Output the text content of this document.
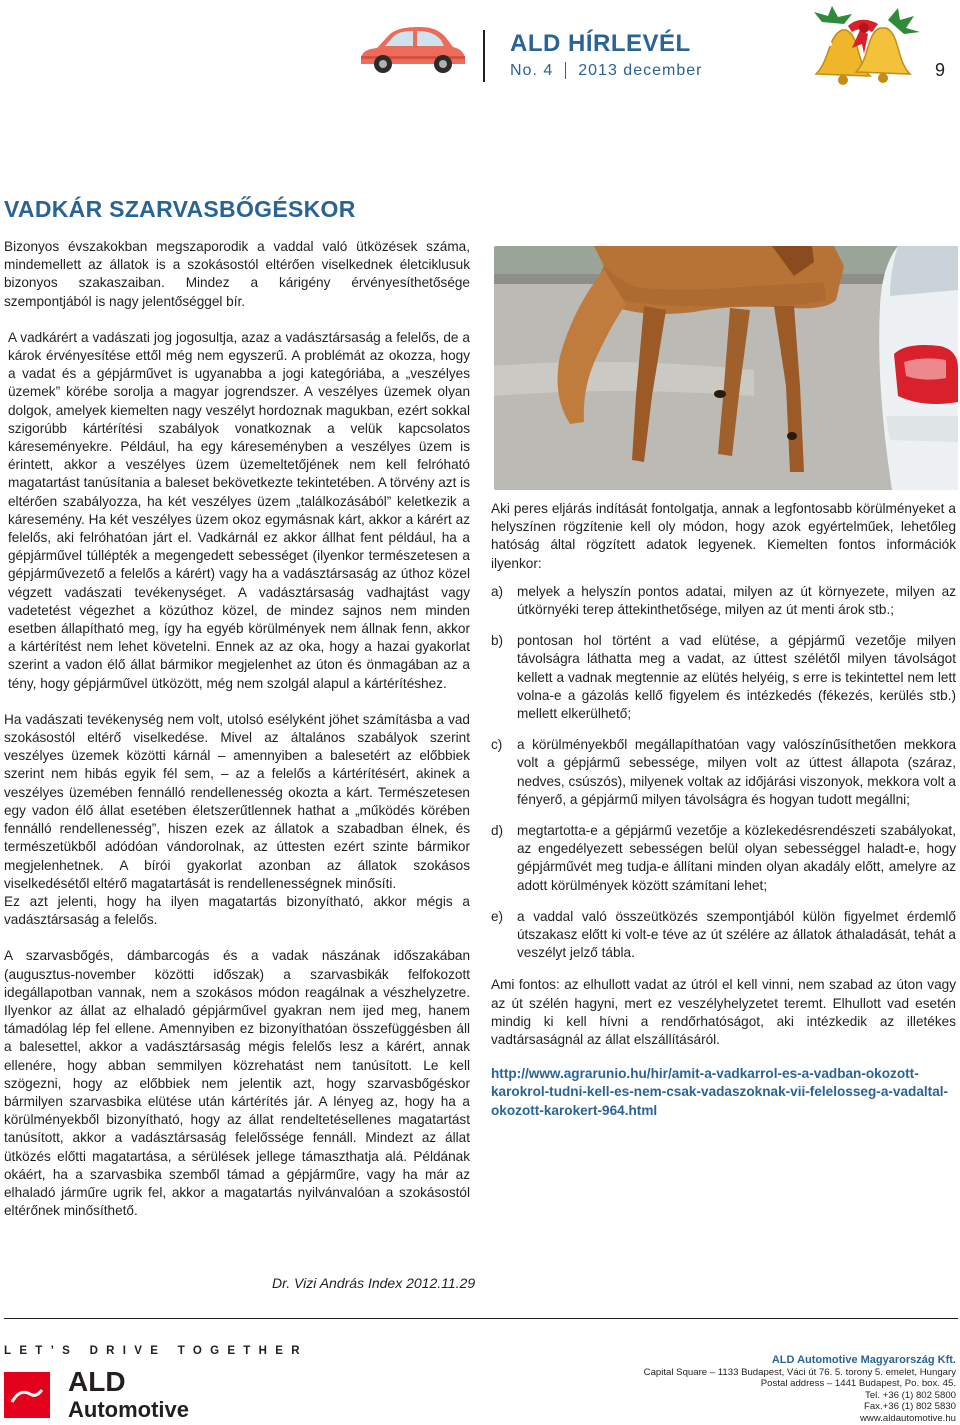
ALD HÍRLEVÉL
No. 4 2013 december	9
VADKÁR SZARVASBŐGÉSKOR

Bizonyos évszakokban megszaporodik a vaddal való ütközések száma, mindemellett az állatok is a szokásostól eltérően viselkednek életciklusuk bizonyos szakaszaiban. Mindez a kárigény érvényesíthetősége szempontjából is nagy jelentőséggel bír.

A vadkárért a vadászati jog jogosultja, azaz a vadásztársaság a felelős, de a károk érvényesítése ettől még nem egyszerű. A problémát az okozza, hogy a vadat és a gépjárművet is ugyanabba a jogi kategóriába, a „veszélyes üzemek” körébe sorolja a magyar jogrendszer. A veszélyes üzemek olyan dolgok, amelyek kiemelten nagy veszélyt hordoznak magukban, ezért sokkal szigorúbb kártérítési szabályok vonatkoznak a velük kapcsolatos káreseményekre. Például, ha egy káreseményben a veszélyes üzem is érintett, akkor a veszélyes üzem üzemeltetőjének nem kell felróható magatartást tanúsítania a baleset bekövetkezte tekintetében. A törvény azt is eltérően szabályozza, ha két veszélyes üzem „találkozásából” keletkezik a káresemény. Ha két veszélyes üzem okoz egymásnak kárt, akkor a kárért az felelős, aki felróhatóan járt el. Vadkárnál ez akkor állhat fent például, ha a gépjárművel túllépték a megengedett sebességet (ilyenkor természetesen a gépjárművezető a felelős a kárért) vagy ha a vadásztársaság az úthoz közel végzett vadászati tevékenységet. A vadásztársaság vadhajtást vagy vadetetést végezhet a közúthoz közel, de mindez sajnos nem minden esetben állapítható meg, így ha egyéb körülmények nem állnak fenn, akkor a kártérítést nem lehet követelni. Ennek az az oka, hogy a hazai gyakorlat szerint a vadon élő állat bármikor megjelenhet az úton és önmagában az a tény, hogy gépjárművel ütközött, még nem szolgál alapul a kártérítéshez.

Ha vadászati tevékenység nem volt, utolsó esélyként jöhet számításba a vad szokásostól eltérő viselkedése. Mivel az általános szabályok szerint veszélyes üzemek közötti kárnál – amennyiben a balesetért az előbbiek szerint nem hibás egyik fél sem, – az a felelős a kártérítésért, akinek a veszélyes üzemében fennálló rendellenesség okozta a kárt. Természetesen egy vadon élő állat esetében életszerűtlennek hathat a „működés körében fennálló rendellenesség”, hiszen ezek az állatok a szabadban élnek, és természetükből adódóan vándorolnak, az úttesten ezért szinte bármikor megjelenhetnek. A bírói gyakorlat azonban az állatok szokásos viselkedésétől eltérő magatartását is rendellenességnek minősíti.

Ez azt jelenti, hogy ha ilyen magatartás bizonyítható, akkor mégis a vadásztársaság a felelős.

A szarvasbőgés, dámbarcogás és a vadak nászának időszakában (augusztus-november közötti időszak) a szarvasbikák felfokozott idegállapotban vannak, nem a szokásos módon reagálnak a vészhelyzetre. Ilyenkor az állat az elhaladó gépjárművel gyakran nem ijed meg, hanem támadólag lép fel ellene. Amennyiben ez bizonyíthatóan összefüggésben áll a balesettel, akkor a vadásztársaság mégis felelős lesz a kárért, annak ellenére, hogy abban semmilyen közrehatást nem tanúsított. Le kell szögezni, hogy az előbbiek nem jelentik azt, hogy szarvasbőgéskor bármilyen szarvasbika elütése után kártérítés jár. A lényeg az, hogy ha a körülményekből bizonyítható, hogy az állat rendeltetésellenes magatartást tanúsított, akkor a vadásztársaság felelőssége fennáll. Mindezt az állat ütközés előtti magatartása, a sérülések jellege támaszthatja alá. Példának okáért, ha a szarvasbika szemből támad a gépjárműre, vagy ha már az elhaladó járműre ugrik fel, akkor a magatartás nyilvánvalóan a szokásostól eltérőnek minősíthető.

Dr. Vizi András Index 2012.11.29

Aki peres eljárás indítását fontolgatja, annak a legfontosabb körülményeket a helyszínen rögzítenie kell oly módon, hogy azok egyértelműek, lehetőleg hatóság által rögzített adatok legyenek. Kiemelten fontos információk ilyenkor:

a) melyek a helyszín pontos adatai, milyen az út környezete, milyen az útkörnyéki terep áttekinthetősége, milyen az út menti árok stb.;
b) pontosan hol történt a vad elütése, a gépjármű vezetője milyen távolságra láthatta meg a vadat, az úttest szélétől milyen távolságot kellett a vadnak megtennie az elütés helyéig, s erre is tekintettel nem lett volna-e a gázolás kellő figyelem és intézkedés (fékezés, kerülés stb.) mellett elkerülhető;
c) a körülményekből megállapíthatóan vagy valószínűsíthetően mekkora volt a gépjármű sebessége, milyen volt az úttest állapota (száraz, nedves, csúszós), milyenek voltak az időjárási viszonyok, mekkora volt a fényerő, a gépjármű milyen távolságra és hogyan tudott megállni;
d) megtartotta-e a gépjármű vezetője a közlekedésrendészeti szabályokat, az engedélyezett sebességen belül olyan sebességgel haladt-e, hogy gépjárművét meg tudja-e állítani minden olyan akadály előtt, amelyre az adott körülmények között számítani lehet;
e) a vaddal való összeütközés szempontjából külön figyelmet érdemlő útszakasz előtt ki volt-e téve az út szélére az állatok áthaladását, tehát a veszélyt jelző tábla.

Ami fontos: az elhullott vadat az útról el kell vinni, nem szabad az úton vagy az út szélén hagyni, mert ez veszélyhelyzetet teremt. Elhullott vad esetén mindig ki kell hívni a rendőrhatóságot, aki intézkedik az illetékes vadtársaságnál az állat elszállításáról.

http://www.agrarunio.hu/hir/amit-a-vadkarrol-es-a-vadban-okozott-karokrol-tudni-kell-es-nem-csak-vadaszoknak-vii-felelosseg-a-vadaltal-okozott-karokert-964.html
LET’S DRIVE TOGETHER
ALD
Automotive
ALD Automotive Magyarország Kft.
Capital Square – 1133 Budapest, Váci út 76. 5. torony 5. emelet, Hungary
Postal address – 1441 Budapest, Po. box. 45.
Tel. +36 (1) 802 5800
Fax.+36 (1) 802 5830
www.aldautomotive.hu
